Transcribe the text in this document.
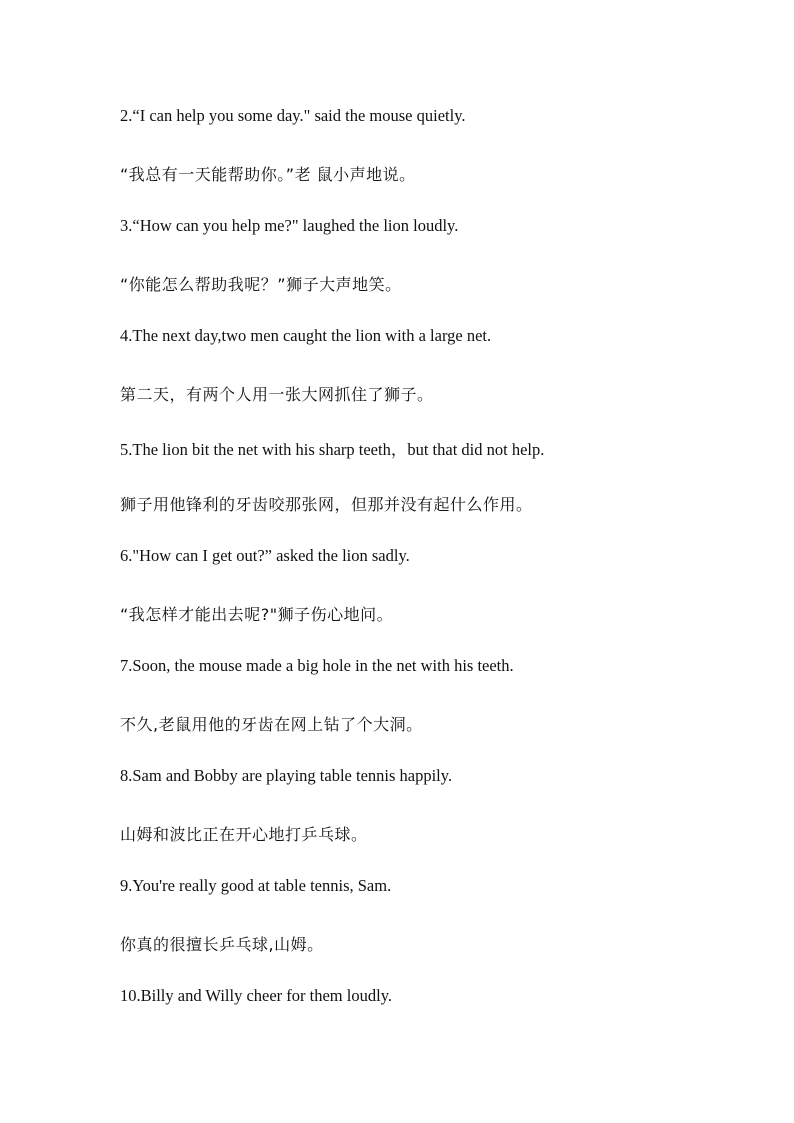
2.“I can help you some day." said the mouse quietly.
“我总有一天能帮助你。”老 鼠小声地说。
3.“How can you help me?" laughed the lion loudly.
“你能怎么帮助我呢？”狮子大声地笑。
4.The next day,two men caught the lion with a large net.
第二天，有两个人用一张大网抓住了狮子。
5.The lion bit the net with his sharp teeth，but that did not help.
狮子用他锋利的牙齿咬那张网，但那并没有起什么作用。
6."How can I get out?” asked the lion sadly.
“我怎样才能出去呢?"狮子伤心地问。
7.Soon, the mouse made a big hole in the net with his teeth.
不久,老鼠用他的牙齿在网上钻了个大洞。
8.Sam and Bobby are playing table tennis happily.
山姆和波比正在开心地打乒乓球。
9.You're really good at table tennis, Sam.
你真的很擅长乒乓球,山姆。
10.Billy and Willy cheer for them loudly.
